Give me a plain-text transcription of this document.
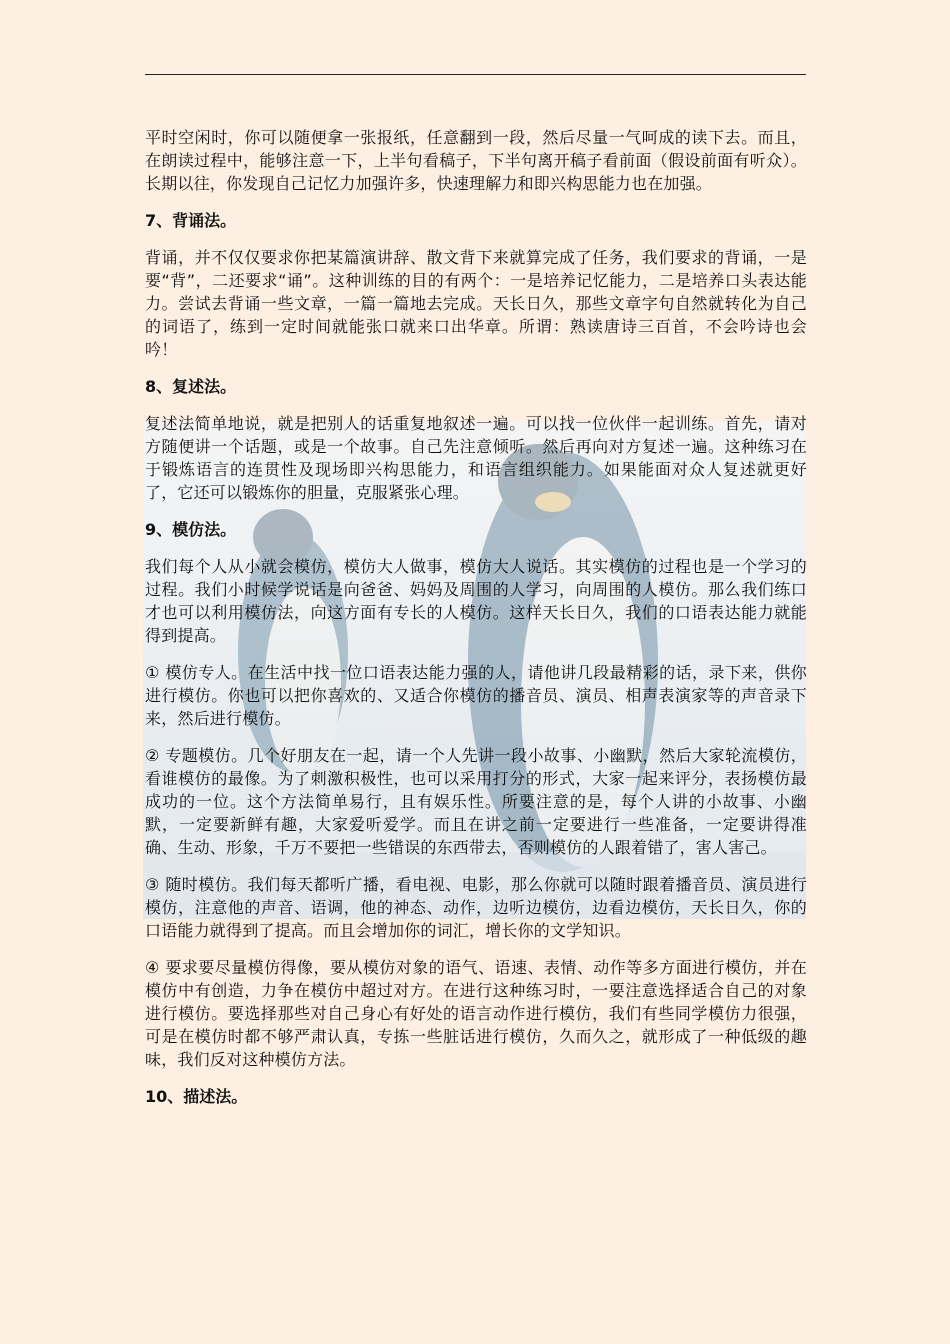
平时空闲时，你可以随便拿一张报纸，任意翻到一段，然后尽量一气呵成的读下去。而且，在朗读过程中，能够注意一下，上半句看稿子，下半句离开稿子看前面（假设前面有听众）。长期以往，你发现自己记忆力加强许多，快速理解力和即兴构思能力也在加强。

7、背诵法。

背诵，并不仅仅要求你把某篇演讲辞、散文背下来就算完成了任务，我们要求的背诵，一是要“背”，二还要求“诵”。这种训练的目的有两个：一是培养记忆能力，二是培养口头表达能力。尝试去背诵一些文章，一篇一篇地去完成。天长日久，那些文章字句自然就转化为自己的词语了，练到一定时间就能张口就来口出华章。所谓：熟读唐诗三百首，不会吟诗也会吟！

8、复述法。

复述法简单地说，就是把别人的话重复地叙述一遍。可以找一位伙伴一起训练。首先，请对方随便讲一个话题，或是一个故事。自己先注意倾听。然后再向对方复述一遍。这种练习在于锻炼语言的连贯性及现场即兴构思能力，和语言组织能力。如果能面对众人复述就更好了，它还可以锻炼你的胆量，克服紧张心理。

9、模仿法。

我们每个人从小就会模仿，模仿大人做事，模仿大人说话。其实模仿的过程也是一个学习的过程。我们小时候学说话是向爸爸、妈妈及周围的人学习，向周围的人模仿。那么我们练口才也可以利用模仿法，向这方面有专长的人模仿。这样天长日久，我们的口语表达能力就能得到提高。

① 模仿专人。在生活中找一位口语表达能力强的人，请他讲几段最精彩的话，录下来，供你进行模仿。你也可以把你喜欢的、又适合你模仿的播音员、演员、相声表演家等的声音录下来，然后进行模仿。

② 专题模仿。几个好朋友在一起，请一个人先讲一段小故事、小幽默，然后大家轮流模仿，看谁模仿的最像。为了刺激积极性，也可以采用打分的形式，大家一起来评分，表扬模仿最成功的一位。这个方法简单易行，且有娱乐性。所要注意的是，每个人讲的小故事、小幽默，一定要新鲜有趣，大家爱听爱学。而且在讲之前一定要进行一些准备，一定要讲得准确、生动、形象，千万不要把一些错误的东西带去，否则模仿的人跟着错了，害人害己。

③ 随时模仿。我们每天都听广播，看电视、电影，那么你就可以随时跟着播音员、演员进行模仿，注意他的声音、语调，他的神态、动作，边听边模仿，边看边模仿，天长日久，你的口语能力就得到了提高。而且会增加你的词汇，增长你的文学知识。

④ 要求要尽量模仿得像，要从模仿对象的语气、语速、表情、动作等多方面进行模仿，并在模仿中有创造，力争在模仿中超过对方。在进行这种练习时，一要注意选择适合自己的对象进行模仿。要选择那些对自己身心有好处的语言动作进行模仿，我们有些同学模仿力很强，可是在模仿时都不够严肃认真，专拣一些脏话进行模仿，久而久之，就形成了一种低级的趣味，我们反对这种模仿方法。

10、描述法。
